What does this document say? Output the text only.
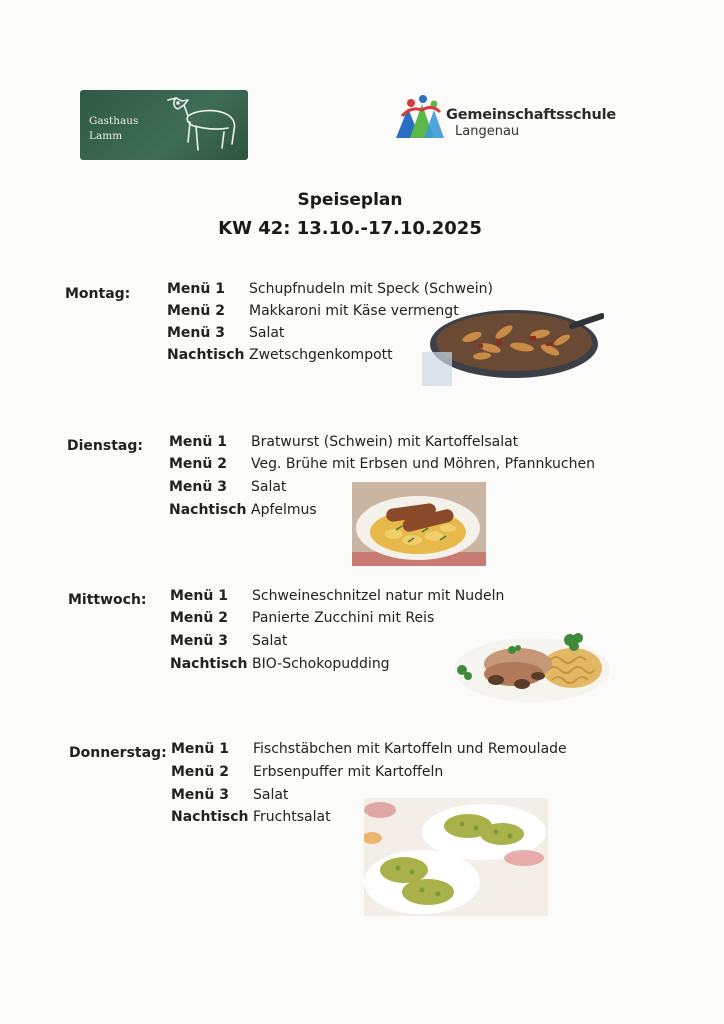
Gasthaus
Lamm
Gemeinschaftsschule
Langenau
Speiseplan
KW 42: 13.10.-17.10.2025
Montag:	Menü 1 Schupfnudeln mit Speck (Schwein)
Menü 2 Makkaroni mit Käse vermengt
Menü 3 Salat
Nachtisch Zwetschgenkompott
Dienstag: Menü 1 Bratwurst (Schwein) mit Kartoffelsalat
Menü 2 Veg. Brühe mit Erbsen und Möhren, Pfannkuchen
Menü 3 Salat
Nachtisch Apfelmus
Mittwoch: Menü 1 Schweineschnitzel natur mit Nudeln
Menü 2 Panierte Zucchini mit Reis
Menü 3 Salat
Nachtisch BIO-Schokopudding
Donnerstag: Menü 1 Fischstäbchen mit Kartoffeln und Remoulade
Menü 2 Erbsenpuffer mit Kartoffeln
Menü 3 Salat
Nachtisch Fruchtsalat
